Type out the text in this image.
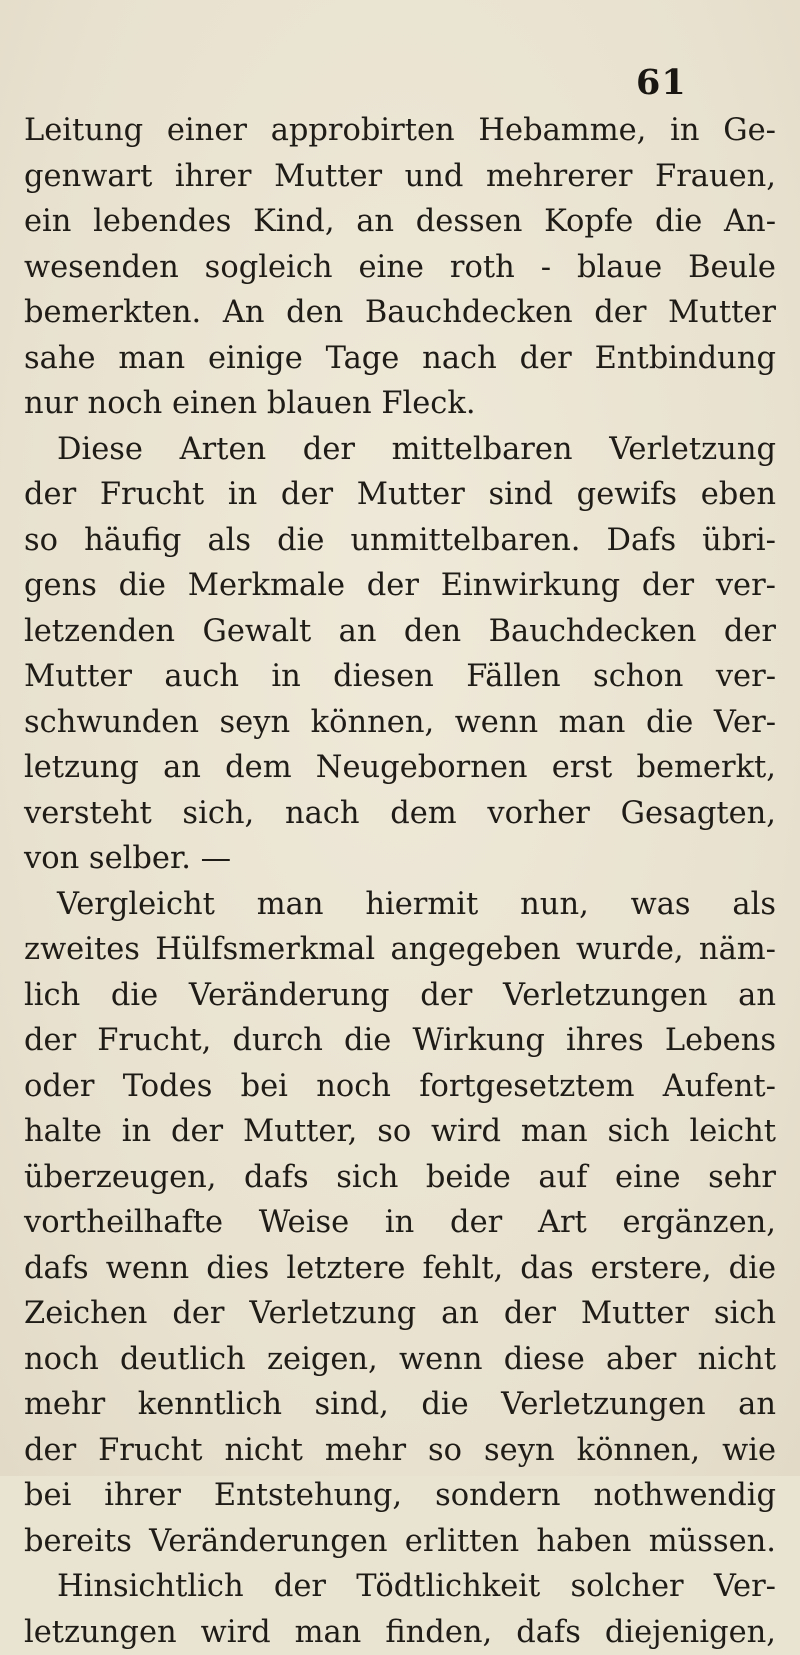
61
Leitung einer approbirten Hebamme, in Ge-
genwart ihrer Mutter und mehrerer Frauen,
ein lebendes Kind, an dessen Kopfe die An-
wesenden sogleich eine roth - blaue Beule
bemerkten. An den Bauchdecken der Mutter
sahe man einige Tage nach der Entbindung
nur noch einen blauen Fleck.
Diese Arten der mittelbaren Verletzung
der Frucht in der Mutter sind gewifs eben
so häufig als die unmittelbaren. Dafs übri-
gens die Merkmale der Einwirkung der ver-
letzenden Gewalt an den Bauchdecken der
Mutter auch in diesen Fällen schon ver-
schwunden seyn können, wenn man die Ver-
letzung an dem Neugebornen erst bemerkt,
versteht sich, nach dem vorher Gesagten,
von selber. —
Vergleicht man hiermit nun, was als
zweites Hülfsmerkmal angegeben wurde, näm-
lich die Veränderung der Verletzungen an
der Frucht, durch die Wirkung ihres Lebens
oder Todes bei noch fortgesetztem Aufent-
halte in der Mutter, so wird man sich leicht
überzeugen, dafs sich beide auf eine sehr
vortheilhafte Weise in der Art ergänzen,
dafs wenn dies letztere fehlt, das erstere, die
Zeichen der Verletzung an der Mutter sich
noch deutlich zeigen, wenn diese aber nicht
mehr kenntlich sind, die Verletzungen an
der Frucht nicht mehr so seyn können, wie
bei ihrer Entstehung, sondern nothwendig
bereits Veränderungen erlitten haben müssen.
Hinsichtlich der Tödtlichkeit solcher Ver-
letzungen wird man finden, dafs diejenigen,
